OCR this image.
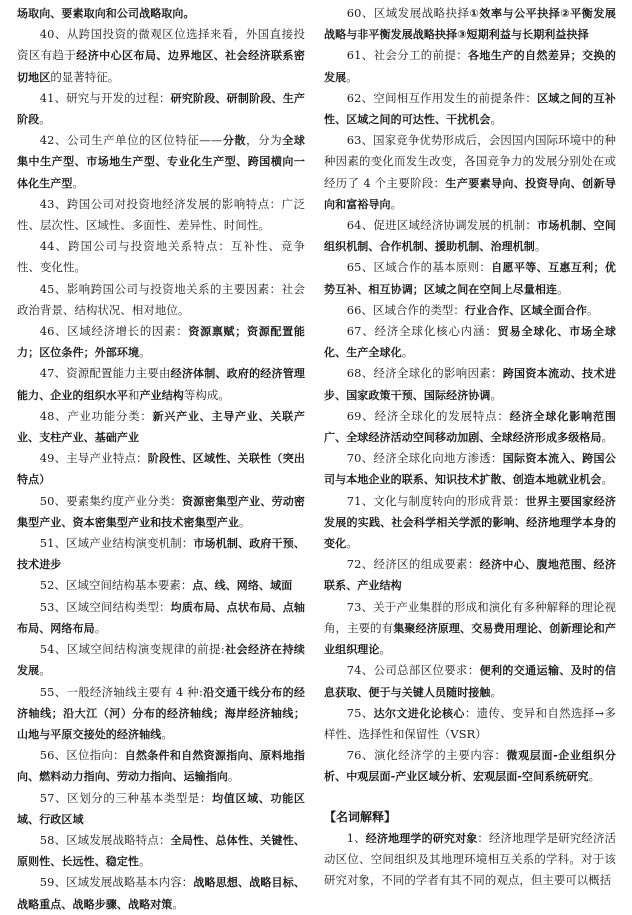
场取向、要素取向和公司战略取向。

40、从跨国投资的微观区位选择来看，外国直接投资区有趋于经济中心区布局、边界地区、社会经济联系密切地区的显著特征。

41、研究与开发的过程：研究阶段、研制阶段、生产阶段。

42、公司生产单位的区位特征——分散，分为全球集中生产型、市场地生产型、专业化生产型、跨国横向一体化生产型。

43、跨国公司对投资地经济发展的影响特点：广泛性、层次性、区域性、多面性、差异性、时间性。

44、跨国公司与投资地关系特点：互补性、竞争性、变化性。

45、影响跨国公司与投资地关系的主要因素：社会政治背景、结构状况、相对地位。

46、区域经济增长的因素：资源禀赋；资源配置能力；区位条件；外部环境。

47、资源配置能力主要由经济体制、政府的经济管理能力、企业的组织水平和产业结构等构成。

48、产业功能分类：新兴产业、主导产业、关联产业、支柱产业、基础产业

49、主导产业特点：阶段性、区域性、关联性（突出特点）

50、要素集约度产业分类：资源密集型产业、劳动密集型产业、资本密集型产业和技术密集型产业。

51、区域产业结构演变机制：市场机制、政府干预、技术进步

52、区域空间结构基本要素：点、线、网络、域面

53、区域空间结构类型：均质布局、点状布局、点轴布局、网络布局。

54、区域空间结构演变规律的前提:社会经济在持续发展。

55、一般经济轴线主要有 4 种:沿交通干线分布的经济轴线；沿大江（河）分布的经济轴线；海岸经济轴线；山地与平原交接处的经济轴线。

56、区位指向：自然条件和自然资源指向、原料地指向、燃料动力指向、劳动力指向、运输指向。

57、区划分的三种基本类型是：均值区域、功能区域、行政区域

58、区域发展战略特点：全局性、总体性、关键性、原则性、长远性、稳定性。

59、区域发展战略基本内容：战略思想、战略目标、战略重点、战略步骤、战略对策。

60、区域发展战略抉择①效率与公平抉择②平衡发展战略与非平衡发展战略抉择③短期利益与长期利益抉择

61、社会分工的前提：各地生产的自然差异；交换的发展。

62、空间相互作用发生的前提条件：区域之间的互补性、区域之间的可达性、干扰机会。

63、国家竞争优势形成后，会因国内国际环境中的种种因素的变化而发生改变，各国竞争力的发展分别处在或经历了 4 个主要阶段：生产要素导向、投资导向、创新导向和富裕导向。

64、促进区域经济协调发展的机制：市场机制、空间组织机制、合作机制、援助机制、治理机制。

65、区域合作的基本原则：自愿平等、互惠互利；优势互补、相互协调；区域之间在空间上尽量相连。

66、区域合作的类型：行业合作、区域全面合作。

67、经济全球化核心内涵：贸易全球化、市场全球化、生产全球化。

68、经济全球化的影响因素：跨国资本流动、技术进步、国家政策干预、国际经济协调。

69、经济全球化的发展特点：经济全球化影响范围广、全球经济活动空间移动加剧、全球经济形成多级格局。

70、经济全球化向地方渗透：国际资本流入、跨国公司与本地企业的联系、知识技术扩散、创造本地就业机会。

71、文化与制度转向的形成背景：世界主要国家经济发展的实践、社会科学相关学派的影响、经济地理学本身的变化。

72、经济区的组成要素：经济中心、腹地范围、经济联系、产业结构

73、关于产业集群的形成和演化有多种解释的理论视角，主要的有集聚经济原理、交易费用理论、创新理论和产业组织理论。

74、公司总部区位要求：便利的交通运输、及时的信息获取、便于与关键人员随时接触。

75、达尔文进化论核心：遗传、变异和自然选择→多样性、选择性和保留性（VSR）

76、演化经济学的主要内容：微观层面-企业组织分析、中观层面-产业区域分析、宏观层面-空间系统研究。

【名词解释】

1、经济地理学的研究对象：经济地理学是研究经济活动区位、空间组织及其地理环境相互关系的学科。对于该研究对象，不同的学者有其不同的观点，但主要可以概括
